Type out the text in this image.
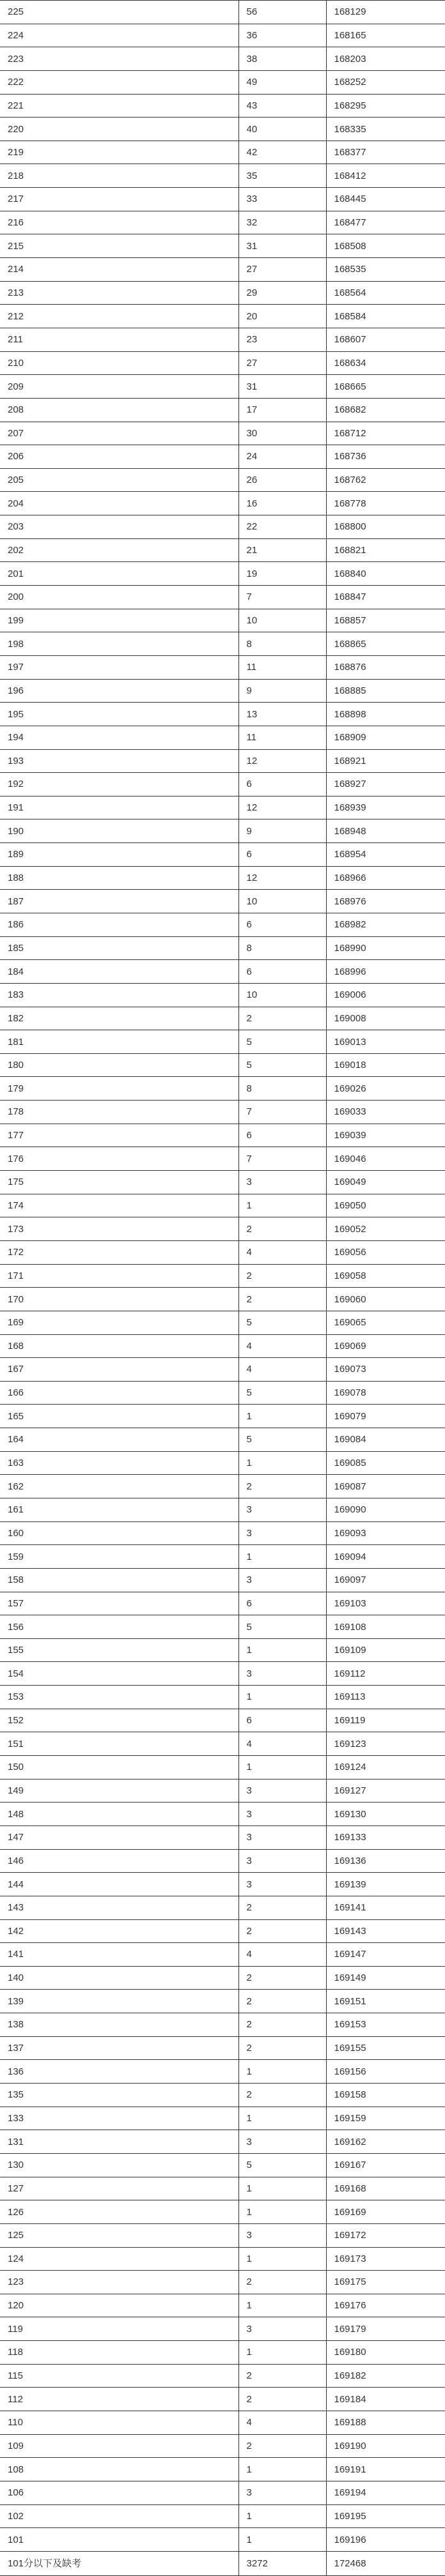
225	56	168129
224	36	168165
223	38	168203
222	49	168252
221	43	168295
220	40	168335
219	42	168377
218	35	168412
217	33	168445
216	32	168477
215	31	168508
214	27	168535
213	29	168564
212	20	168584
211	23	168607
210	27	168634
209	31	168665
208	17	168682
207	30	168712
206	24	168736
205	26	168762
204	16	168778
203	22	168800
202	21	168821
201	19	168840
200	7	168847
199	10	168857
198	8	168865
197	11	168876
196	9	168885
195	13	168898
194	11	168909
193	12	168921
192	6	168927
191	12	168939
190	9	168948
189	6	168954
188	12	168966
187	10	168976
186	6	168982
185	8	168990
184	6	168996
183	10	169006
182	2	169008
181	5	169013
180	5	169018
179	8	169026
178	7	169033
177	6	169039
176	7	169046
175	3	169049
174	1	169050
173	2	169052
172	4	169056
171	2	169058
170	2	169060
169	5	169065
168	4	169069
167	4	169073
166	5	169078
165	1	169079
164	5	169084
163	1	169085
162	2	169087
161	3	169090
160	3	169093
159	1	169094
158	3	169097
157	6	169103
156	5	169108
155	1	169109
154	3	169112
153	1	169113
152	6	169119
151	4	169123
150	1	169124
149	3	169127
148	3	169130
147	3	169133
146	3	169136
144	3	169139
143	2	169141
142	2	169143
141	4	169147
140	2	169149
139	2	169151
138	2	169153
137	2	169155
136	1	169156
135	2	169158
133	1	169159
131	3	169162
130	5	169167
127	1	169168
126	1	169169
125	3	169172
124	1	169173
123	2	169175
120	1	169176
119	3	169179
118	1	169180
115	2	169182
112	2	169184
110	4	169188
109	2	169190
108	1	169191
106	3	169194
102	1	169195
101	1	169196
101分以下及缺考	3272	172468
